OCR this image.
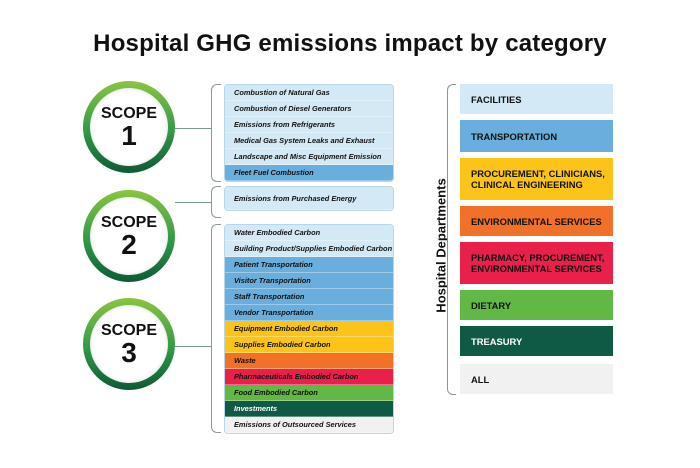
Hospital GHG emissions impact by category
SCOPE
1
SCOPE
2
SCOPE
3
Combustion of Natural Gas
Combustion of Diesel Generators
Emissions from Refrigerants
Medical Gas System Leaks and Exhaust
Landscape and Misc Equipment Emission
Fleet Fuel Combustion
Emissions from Purchased Energy
Water Embodied Carbon
Building Product/Supplies Embodied Carbon
Patient Transportation
Visitor Transportation
Staff Transportation
Vendor Transportation
Equipment Embodied Carbon
Supplies Embodied Carbon
Waste
Pharmaceuticals Embodied Carbon
Food Embodied Carbon
Investments
Emissions of Outsourced Services
Hospital Departments
FACILITIES
TRANSPORTATION
PROCUREMENT, CLINICIANS, CLINICAL ENGINEERING
ENVIRONMENTAL SERVICES
PHARMACY, PROCUREMENT, ENVIRONMENTAL SERVICES
DIETARY
TREASURY
ALL
